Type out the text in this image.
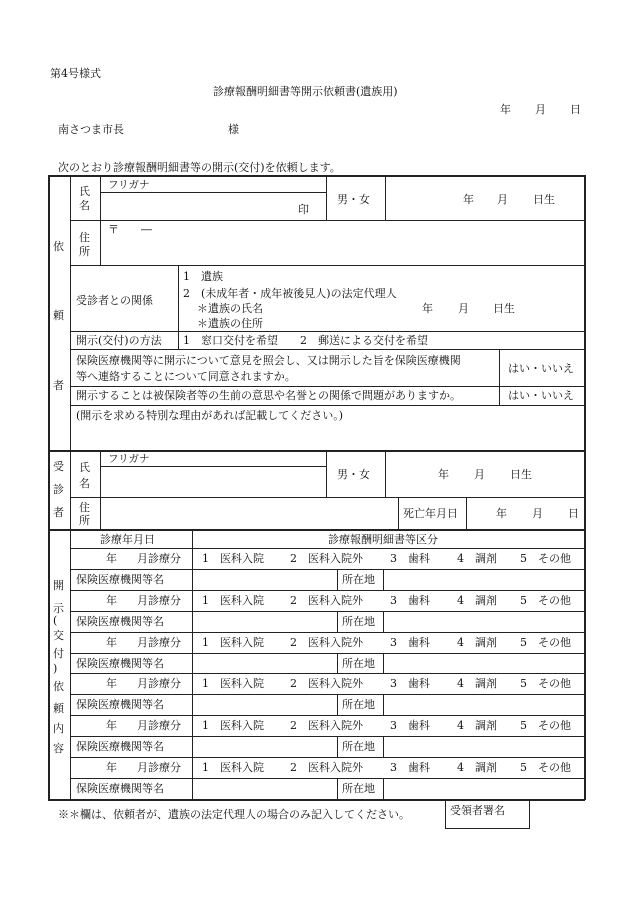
第4号様式
診療報酬明細書等開示依頼書(遺族用)
年 月 日
南さつま市長	様
次のとおり診療報酬明細書等の開示(交付)を依頼します。
依
頼
者
氏
名
フリガナ
印
男・女	年 月 日生
住
所
〒　　―
受診者との関係
1　遺族
2　(未成年者・成年被後見人)の法定代理人
＊遺族の氏名
＊遺族の住所
年 月 日生
開示(交付)の方法 1　窓口交付を希望　　2　郵送による交付を希望
保険医療機関等に開示について意見を照会し、又は開示した旨を保険医療機関
等へ連絡することについて同意されますか。
はい・いいえ
開示することは被保険者等の生前の意思や名誉との関係で問題がありますか。	はい・いいえ
(開示を求める特別な理由があれば記載してください。)
受
診
者
氏
名
フリガナ
男・女	年 月 日生
住
所
死亡年月日	年 月 日
診療年月日	診療報酬明細書等区分
開
示
(
交
付
)
依
頼
内
容
年 月診療分 1　医科入院 2　医科入院外 3　歯科 4　調剤 5　その他
保険医療機関等名	所在地
年 月診療分 1　医科入院 2　医科入院外 3　歯科 4　調剤 5　その他
保険医療機関等名	所在地
年 月診療分 1　医科入院 2　医科入院外 3　歯科 4　調剤 5　その他
保険医療機関等名	所在地
年 月診療分 1　医科入院 2　医科入院外 3　歯科 4　調剤 5　その他
保険医療機関等名	所在地
年 月診療分 1　医科入院 2　医科入院外 3　歯科 4　調剤 5　その他
保険医療機関等名	所在地
年 月診療分 1　医科入院 2　医科入院外 3　歯科 4　調剤 5　その他
保険医療機関等名	所在地
※＊欄は、依頼者が、遺族の法定代理人の場合のみ記入してください。	受領者署名
